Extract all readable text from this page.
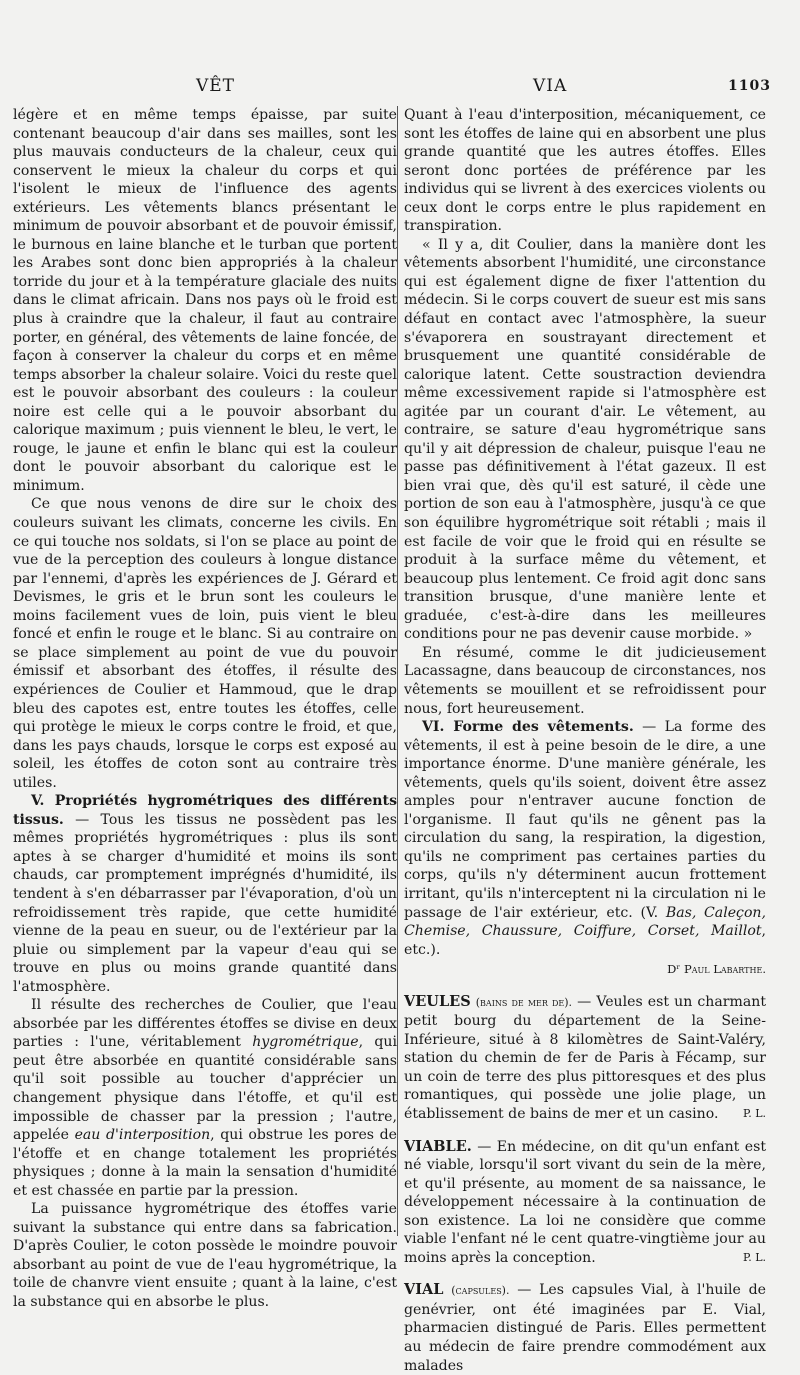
VÊT	VIA	1103

légère et en même temps épaisse, par suite contenant beaucoup d'air dans ses mailles, sont les plus mauvais conducteurs de la chaleur, ceux qui conservent le mieux la chaleur du corps et qui l'isolent le mieux de l'influence des agents extérieurs. Les vêtements blancs présentant le minimum de pouvoir absorbant et de pouvoir émissif, le burnous en laine blanche et le turban que portent les Arabes sont donc bien appropriés à la chaleur torride du jour et à la température glaciale des nuits dans le climat africain. Dans nos pays où le froid est plus à craindre que la chaleur, il faut au contraire porter, en général, des vêtements de laine foncée, de façon à conserver la chaleur du corps et en même temps absorber la chaleur solaire. Voici du reste quel est le pouvoir absorbant des couleurs : la couleur noire est celle qui a le pouvoir absorbant du calorique maximum ; puis viennent le bleu, le vert, le rouge, le jaune et enfin le blanc qui est la couleur dont le pouvoir absorbant du calorique est le minimum.

Ce que nous venons de dire sur le choix des couleurs suivant les climats, concerne les civils. En ce qui touche nos soldats, si l'on se place au point de vue de la perception des couleurs à longue distance par l'ennemi, d'après les expériences de J. Gérard et Devismes, le gris et le brun sont les couleurs le moins facilement vues de loin, puis vient le bleu foncé et enfin le rouge et le blanc. Si au contraire on se place simplement au point de vue du pouvoir émissif et absorbant des étoffes, il résulte des expériences de Coulier et Hammoud, que le drap bleu des capotes est, entre toutes les étoffes, celle qui protège le mieux le corps contre le froid, et que, dans les pays chauds, lorsque le corps est exposé au soleil, les étoffes de coton sont au contraire très utiles.

V. Propriétés hygrométriques des différents tissus. — Tous les tissus ne possèdent pas les mêmes propriétés hygrométriques : plus ils sont aptes à se charger d'humidité et moins ils sont chauds, car promptement imprégnés d'humidité, ils tendent à s'en débarrasser par l'évaporation, d'où un refroidissement très rapide, que cette humidité vienne de la peau en sueur, ou de l'extérieur par la pluie ou simplement par la vapeur d'eau qui se trouve en plus ou moins grande quantité dans l'atmosphère.

Il résulte des recherches de Coulier, que l'eau absorbée par les différentes étoffes se divise en deux parties : l'une, véritablement hygrométrique, qui peut être absorbée en quantité considérable sans qu'il soit possible au toucher d'apprécier un changement physique dans l'étoffe, et qu'il est impossible de chasser par la pression ; l'autre, appelée eau d'interposition, qui obstrue les pores de l'étoffe et en change totalement les propriétés physiques ; donne à la main la sensation d'humidité et est chassée en partie par la pression.

La puissance hygrométrique des étoffes varie suivant la substance qui entre dans sa fabrication. D'après Coulier, le coton possède le moindre pouvoir absorbant au point de vue de l'eau hygrométrique, la toile de chanvre vient ensuite ; quant à la laine, c'est la substance qui en absorbe le plus.

Quant à l'eau d'interposition, mécaniquement, ce sont les étoffes de laine qui en absorbent une plus grande quantité que les autres étoffes. Elles seront donc portées de préférence par les individus qui se livrent à des exercices violents ou ceux dont le corps entre le plus rapidement en transpiration.

« Il y a, dit Coulier, dans la manière dont les vêtements absorbent l'humidité, une circonstance qui est également digne de fixer l'attention du médecin. Si le corps couvert de sueur est mis sans défaut en contact avec l'atmosphère, la sueur s'évaporera en soustrayant directement et brusquement une quantité considérable de calorique latent. Cette soustraction deviendra même excessivement rapide si l'atmosphère est agitée par un courant d'air. Le vêtement, au contraire, se sature d'eau hygrométrique sans qu'il y ait dépression de chaleur, puisque l'eau ne passe pas définitivement à l'état gazeux. Il est bien vrai que, dès qu'il est saturé, il cède une portion de son eau à l'atmosphère, jusqu'à ce que son équilibre hygrométrique soit rétabli ; mais il est facile de voir que le froid qui en résulte se produit à la surface même du vêtement, et beaucoup plus lentement. Ce froid agit donc sans transition brusque, d'une manière lente et graduée, c'est-à-dire dans les meilleures conditions pour ne pas devenir cause morbide. »

En résumé, comme le dit judicieusement Lacassagne, dans beaucoup de circonstances, nos vêtements se mouillent et se refroidissent pour nous, fort heureusement.

VI. Forme des vêtements. — La forme des vêtements, il est à peine besoin de le dire, a une importance énorme. D'une manière générale, les vêtements, quels qu'ils soient, doivent être assez amples pour n'entraver aucune fonction de l'organisme. Il faut qu'ils ne gênent pas la circulation du sang, la respiration, la digestion, qu'ils ne compriment pas certaines parties du corps, qu'ils n'y déterminent aucun frottement irritant, qu'ils n'interceptent ni la circulation ni le passage de l'air extérieur, etc. (V. Bas, Caleçon, Chemise, Chaussure, Coiffure, Corset, Maillot, etc.).

Dʳ Paul Labarthe.

VEULES (bains de mer de). — Veules est un charmant petit bourg du département de la Seine-Inférieure, situé à 8 kilomètres de Saint-Valéry, station du chemin de fer de Paris à Fécamp, sur un coin de terre des plus pittoresques et des plus romantiques, qui possède une jolie plage, un établissement de bains de mer et un casino. P. L.

VIABLE. — En médecine, on dit qu'un enfant est né viable, lorsqu'il sort vivant du sein de la mère, et qu'il présente, au moment de sa naissance, le développement nécessaire à la continuation de son existence. La loi ne considère que comme viable l'enfant né le cent quatre-vingtième jour au moins après la conception.	P. L.

VIAL (capsules). — Les capsules Vial, à l'huile de genévrier, ont été imaginées par E. Vial, pharmacien distingué de Paris. Elles permettent au médecin de faire prendre commodément aux malades
